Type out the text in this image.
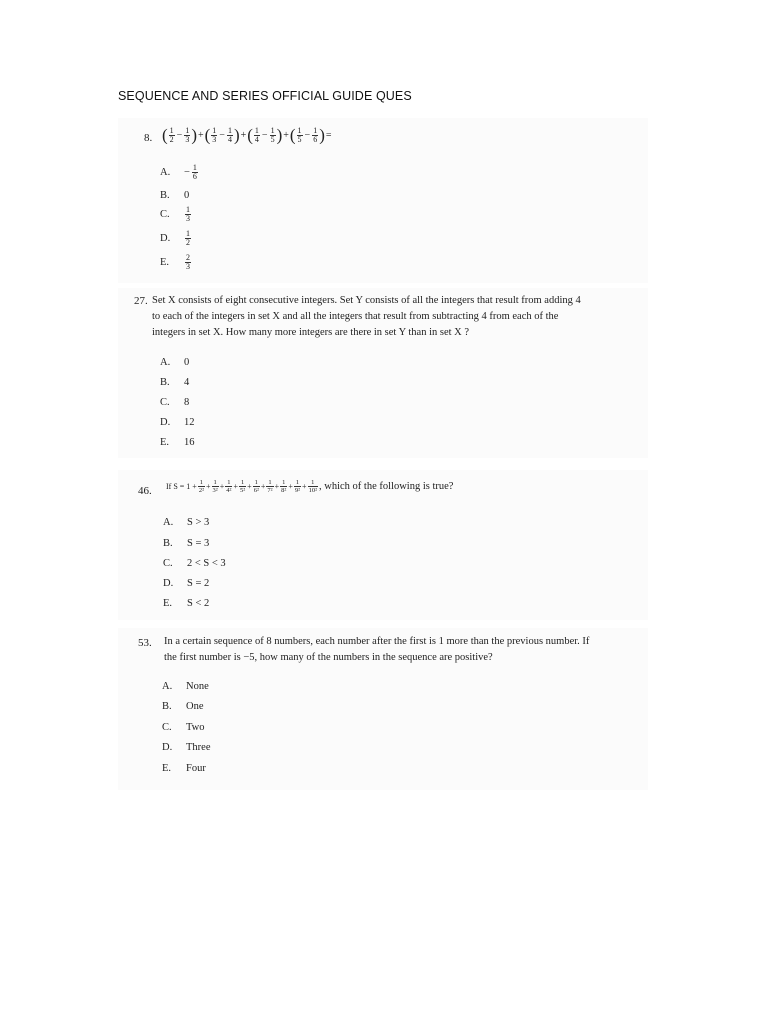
SEQUENCE AND SERIES OFFICIAL GUIDE QUES
8. ( $\frac{1}{2} - \frac{1}{3}$ )+( $\frac{1}{3} - \frac{1}{4}$ )+( $\frac{1}{4} - \frac{1}{5}$ )+( $\frac{1}{5} - \frac{1}{6}$ )=
A. − $\frac{1}{6}$
B. 0
C. $\frac{1}{3}$
D. $\frac{1}{2}$
E. $\frac{2}{3}$
27. Set X consists of eight consecutive integers. Set Y consists of all the integers that result from adding 4
to each of the integers in set X and all the integers that result from subtracting 4 from each of the
integers in set X. How many more integers are there in set Y than in set X ?
A. 0
B. 4
C. 8
D. 12
E. 16
46. If $S = 1 + \frac{1}{\text{2²}} + \frac{1}{\text{3²}} + \frac{1}{\text{4²}} + \frac{1}{\text{5²}} + \frac{1}{\text{6²}} + \frac{1}{\text{7²}} + \frac{1}{\text{8²}} + \frac{1}{\text{9²}} + \frac{1}{\text{10²}}$ , which of the following is true?
A. S > 3
B. S = 3
C. 2 < S < 3
D. S = 2
E. S < 2
53. In a certain sequence of 8 numbers, each number after the first is 1 more than the previous number. If
the first number is −5, how many of the numbers in the sequence are positive?
A. None
B. One
C. Two
D. Three
E. Four
